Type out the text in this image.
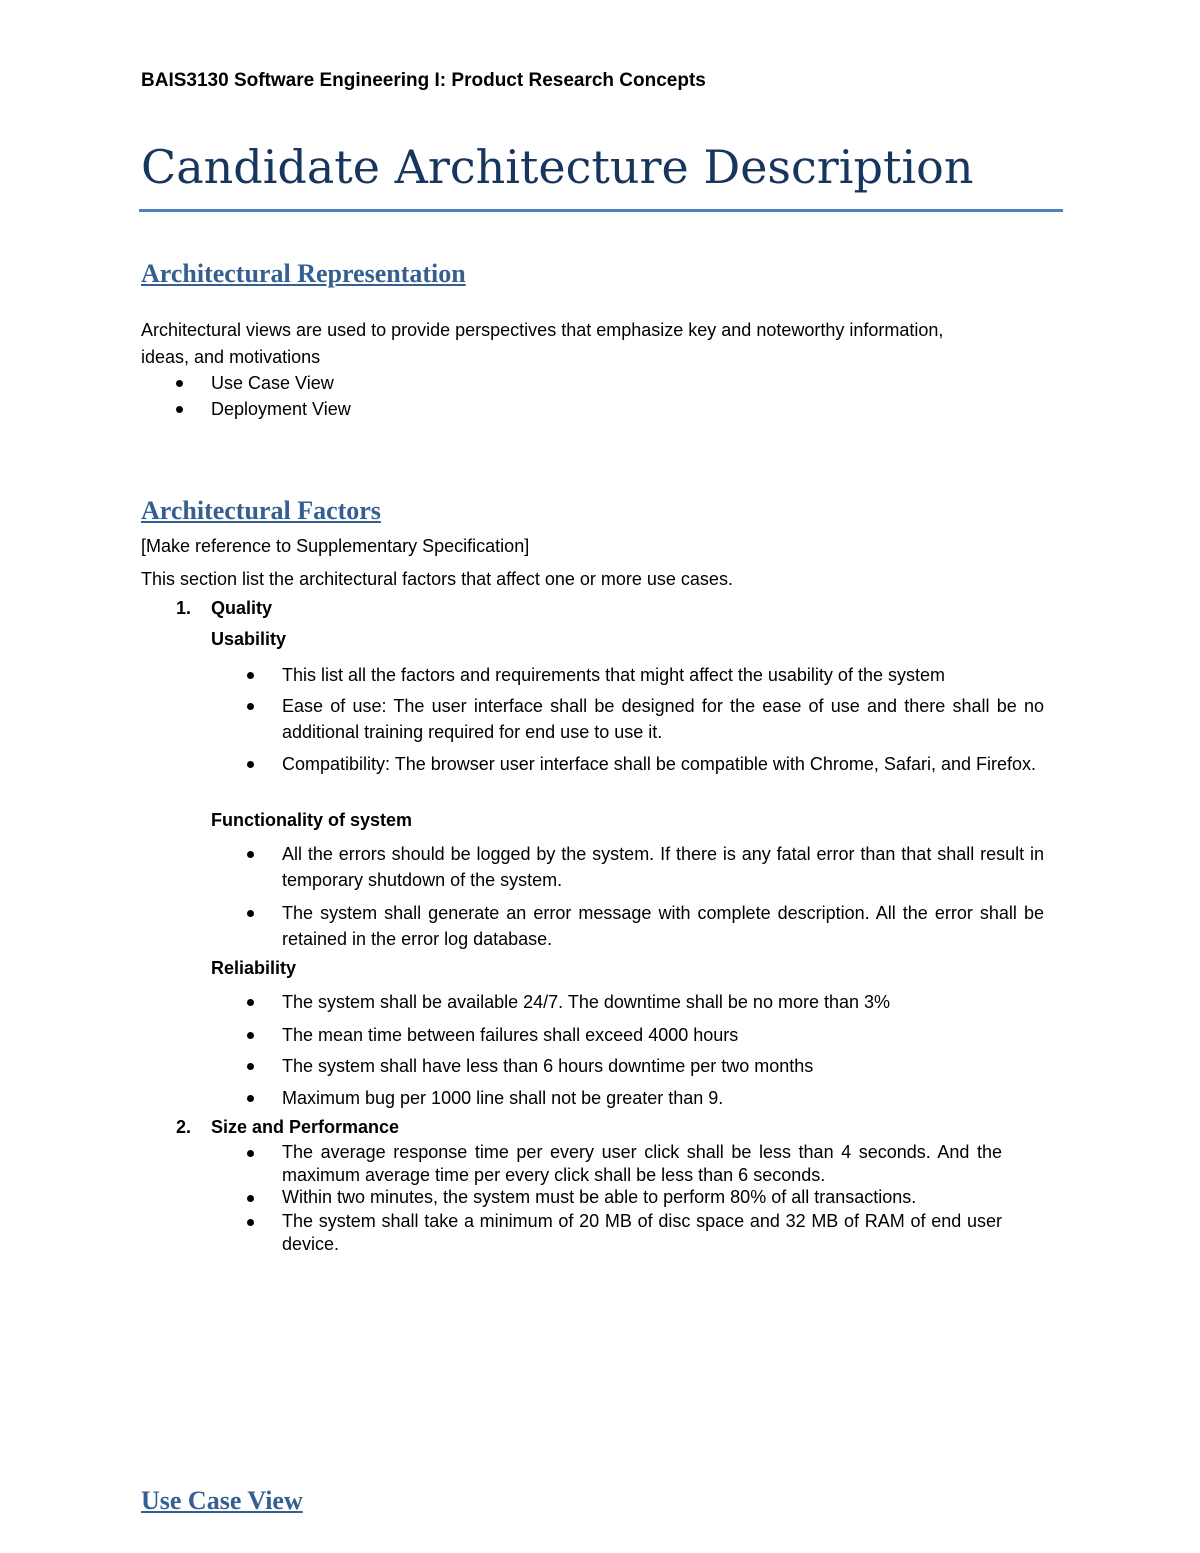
BAIS3130 Software Engineering I: Product Research Concepts
Candidate Architecture Description
Architectural Representation
Architectural views are used to provide perspectives that emphasize key and noteworthy information,
ideas, and motivations
Use Case View
Deployment View
Architectural Factors
[Make reference to Supplementary Specification]
This section list the architectural factors that affect one or more use cases.
1. Quality
Usability
This list all the factors and requirements that might affect the usability of the system
Ease of use: The user interface shall be designed for the ease of use and there shall be no additional training required for end use to use it.
Compatibility: The browser user interface shall be compatible with Chrome, Safari, and Firefox.
Functionality of system
All the errors should be logged by the system. If there is any fatal error than that shall result in temporary shutdown of the system.
The system shall generate an error message with complete description. All the error shall be retained in the error log database.
Reliability
The system shall be available 24/7. The downtime shall be no more than 3%
The mean time between failures shall exceed 4000 hours
The system shall have less than 6 hours downtime per two months
Maximum bug per 1000 line shall not be greater than 9.
2. Size and Performance
The average response time per every user click shall be less than 4 seconds. And the maximum average time per every click shall be less than 6 seconds.
Within two minutes, the system must be able to perform 80% of all transactions.
The system shall take a minimum of 20 MB of disc space and 32 MB of RAM of end user device.
Use Case View
